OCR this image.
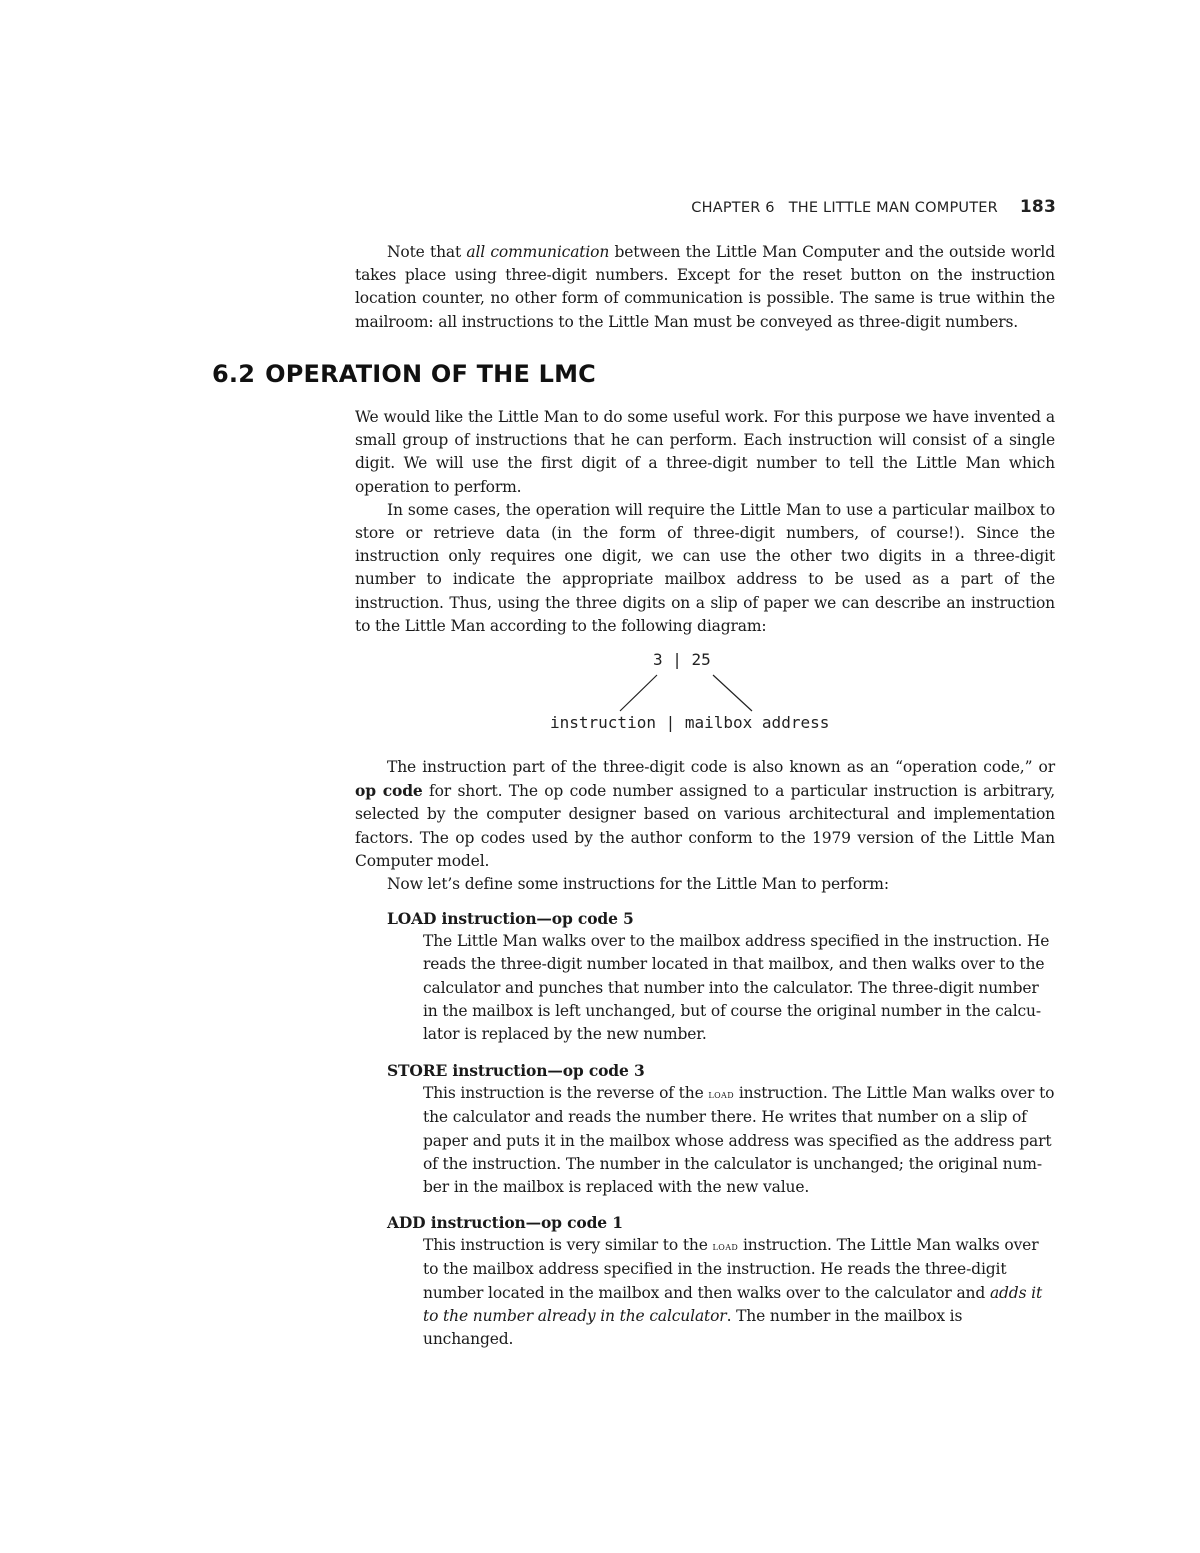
CHAPTER 6 THE LITTLE MAN COMPUTER 183

Note that all communication between the Little Man Computer and the outside world takes place using three-digit numbers. Except for the reset button on the instruction location counter, no other form of communication is possible. The same is true within the mailroom: all instructions to the Little Man must be conveyed as three-digit numbers.

6.2 OPERATION OF THE LMC

We would like the Little Man to do some useful work. For this purpose we have invented a small group of instructions that he can perform. Each instruction will consist of a single digit. We will use the first digit of a three-digit number to tell the Little Man which operation to perform.

In some cases, the operation will require the Little Man to use a particular mailbox to store or retrieve data (in the form of three-digit numbers, of course!). Since the instruction only requires one digit, we can use the other two digits in a three-digit number to indicate the appropriate mailbox address to be used as a part of the instruction. Thus, using the three digits on a slip of paper we can describe an instruction to the Little Man according to the following diagram:

3 | 25
instruction | mailbox address

The instruction part of the three-digit code is also known as an “operation code,” or op code for short. The op code number assigned to a particular instruction is arbitrary, selected by the computer designer based on various architectural and implementation factors. The op codes used by the author conform to the 1979 version of the Little Man Computer model.

Now let’s define some instructions for the Little Man to perform:

LOAD instruction—op code 5
The Little Man walks over to the mailbox address specified in the instruction. He reads the three-digit number located in that mailbox, and then walks over to the calculator and punches that number into the calculator. The three-digit number in the mailbox is left unchanged, but of course the original number in the calcu-lator is replaced by the new number.
STORE instruction—op code 3
This instruction is the reverse of the load instruction. The Little Man walks over to the calculator and reads the number there. He writes that number on a slip of paper and puts it in the mailbox whose address was specified as the address part of the instruction. The number in the calculator is unchanged; the original num-ber in the mailbox is replaced with the new value.
ADD instruction—op code 1
This instruction is very similar to the load instruction. The Little Man walks over to the mailbox address specified in the instruction. He reads the three-digit number located in the mailbox and then walks over to the calculator and adds it to the number already in the calculator. The number in the mailbox is unchanged.
